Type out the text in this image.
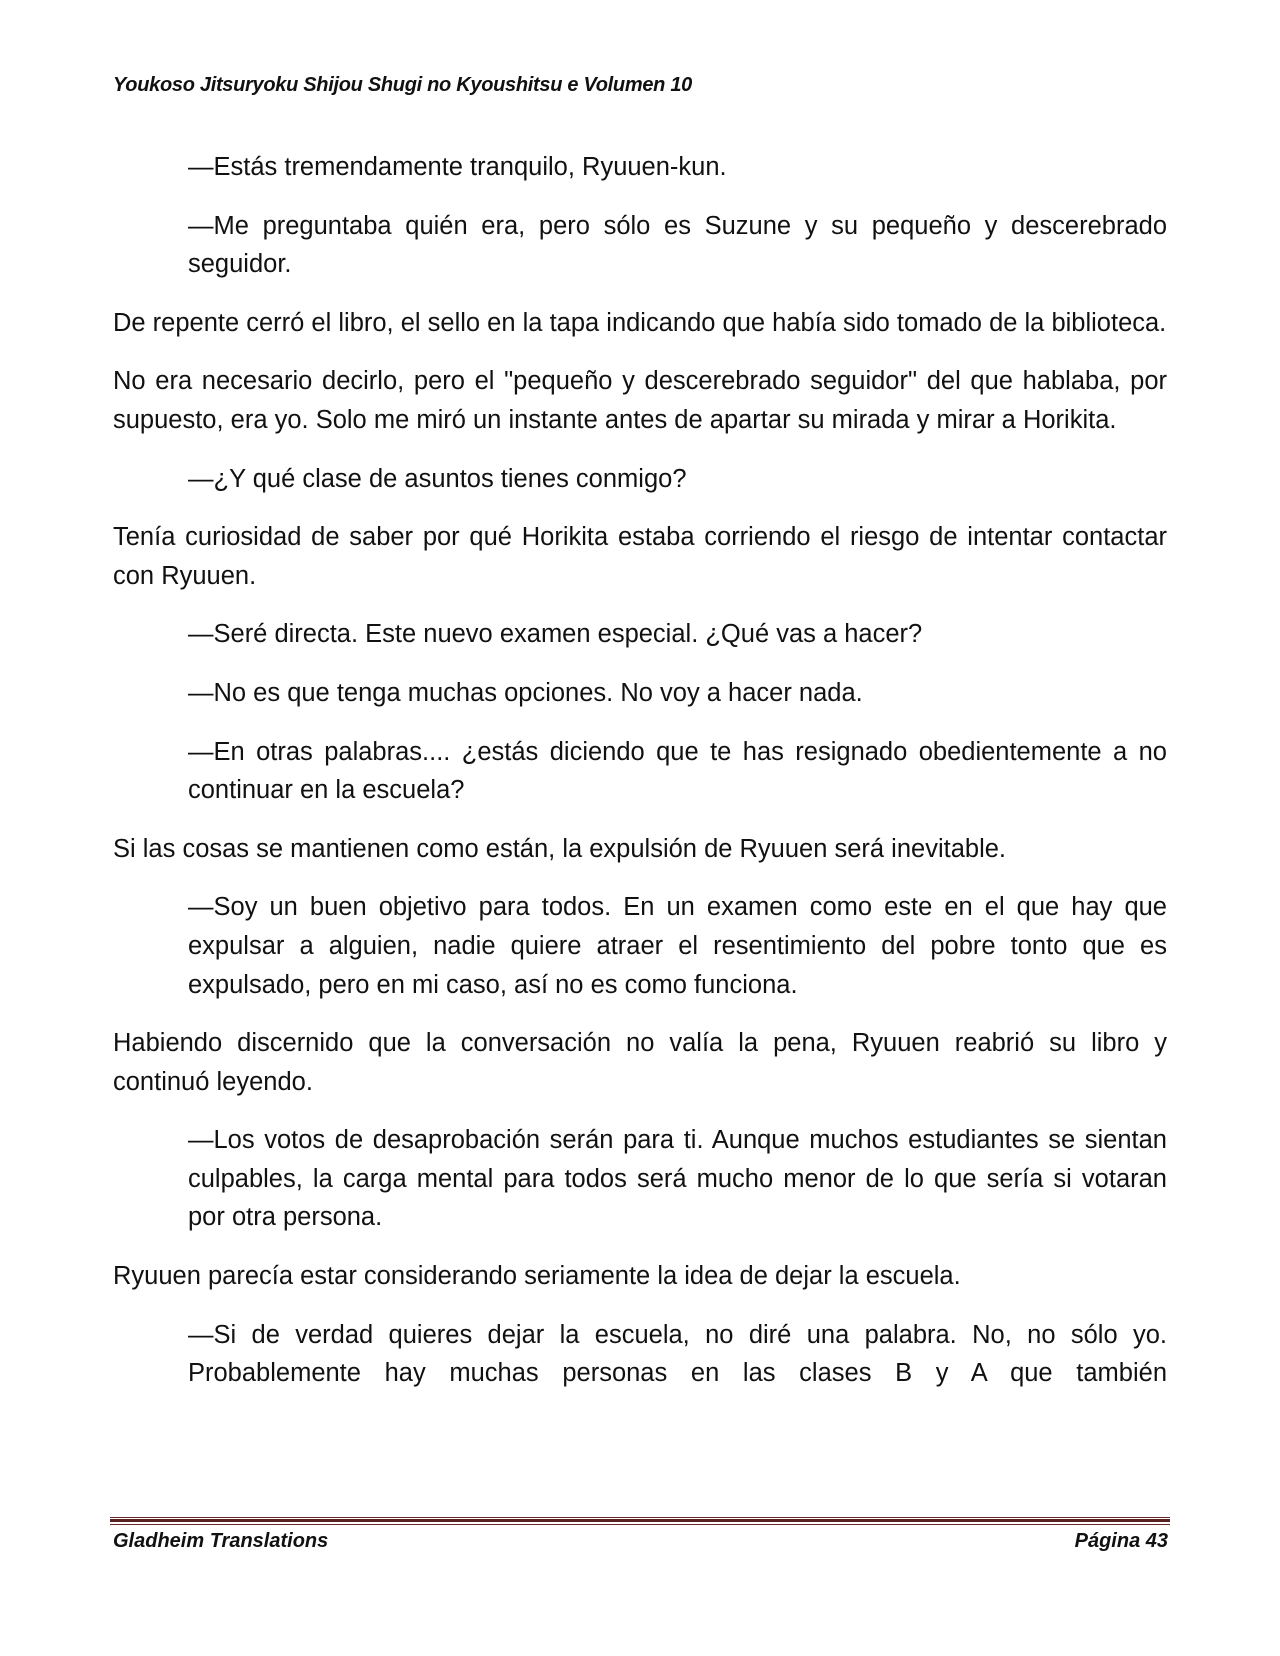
Youkoso Jitsuryoku Shijou Shugi no Kyoushitsu e Volumen 10

—Estás tremendamente tranquilo, Ryuuen-kun.

—Me preguntaba quién era, pero sólo es Suzune y su pequeño y descerebrado seguidor.

De repente cerró el libro, el sello en la tapa indicando que había sido tomado de la biblioteca.

No era necesario decirlo, pero el "pequeño y descerebrado seguidor" del que hablaba, por supuesto, era yo. Solo me miró un instante antes de apartar su mirada y mirar a Horikita.

—¿Y qué clase de asuntos tienes conmigo?

Tenía curiosidad de saber por qué Horikita estaba corriendo el riesgo de intentar contactar con Ryuuen.

—Seré directa. Este nuevo examen especial. ¿Qué vas a hacer?

—No es que tenga muchas opciones. No voy a hacer nada.

—En otras palabras.... ¿estás diciendo que te has resignado obedientemente a no continuar en la escuela?

Si las cosas se mantienen como están, la expulsión de Ryuuen será inevitable.

—Soy un buen objetivo para todos. En un examen como este en el que hay que expulsar a alguien, nadie quiere atraer el resentimiento del pobre tonto que es expulsado, pero en mi caso, así no es como funciona.

Habiendo discernido que la conversación no valía la pena, Ryuuen reabrió su libro y continuó leyendo.

—Los votos de desaprobación serán para ti. Aunque muchos estudiantes se sientan culpables, la carga mental para todos será mucho menor de lo que sería si votaran por otra persona.

Ryuuen parecía estar considerando seriamente la idea de dejar la escuela.

—Si de verdad quieres dejar la escuela, no diré una palabra. No, no sólo yo. Probablemente hay muchas personas en las clases B y A que también

Gladheim Translations	Página 43
